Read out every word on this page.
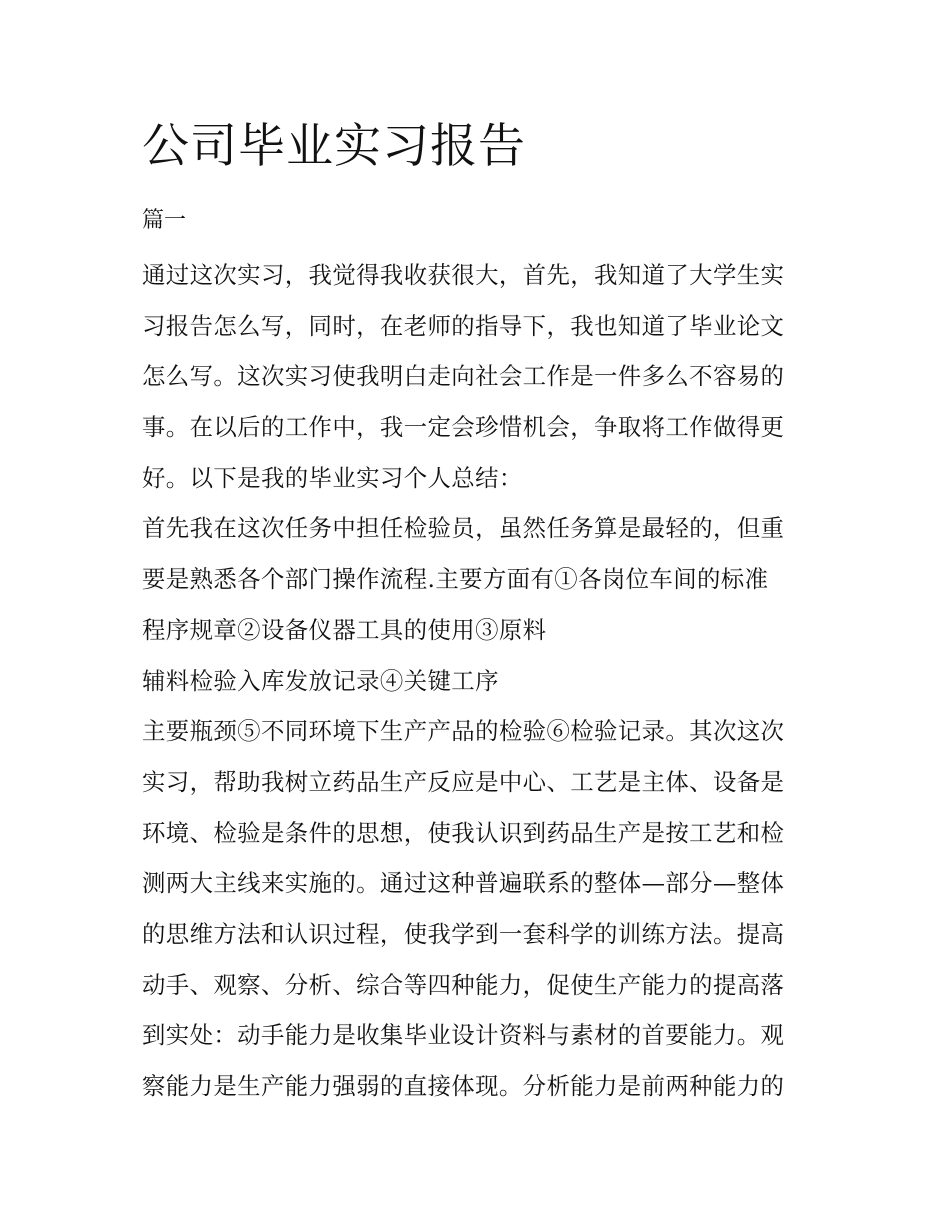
公司毕业实习报告
篇一
通过这次实习，我觉得我收获很大，首先，我知道了大学生实
习报告怎么写，同时，在老师的指导下，我也知道了毕业论文
怎么写。这次实习使我明白走向社会工作是一件多么不容易的
事。在以后的工作中，我一定会珍惜机会，争取将工作做得更
好。以下是我的毕业实习个人总结：
首先我在这次任务中担任检验员，虽然任务算是最轻的，但重
要是熟悉各个部门操作流程.主要方面有①各岗位车间的标准
程序规章②设备仪器工具的使用③原料
辅料检验入库发放记录④关键工序
主要瓶颈⑤不同环境下生产产品的检验⑥检验记录。其次这次
实习，帮助我树立药品生产反应是中心、工艺是主体、设备是
环境、检验是条件的思想，使我认识到药品生产是按工艺和检
测两大主线来实施的。通过这种普遍联系的整体—部分—整体
的思维方法和认识过程，使我学到一套科学的训练方法。提高
动手、观察、分析、综合等四种能力，促使生产能力的提高落
到实处：动手能力是收集毕业设计资料与素材的首要能力。观
察能力是生产能力强弱的直接体现。分析能力是前两种能力的
